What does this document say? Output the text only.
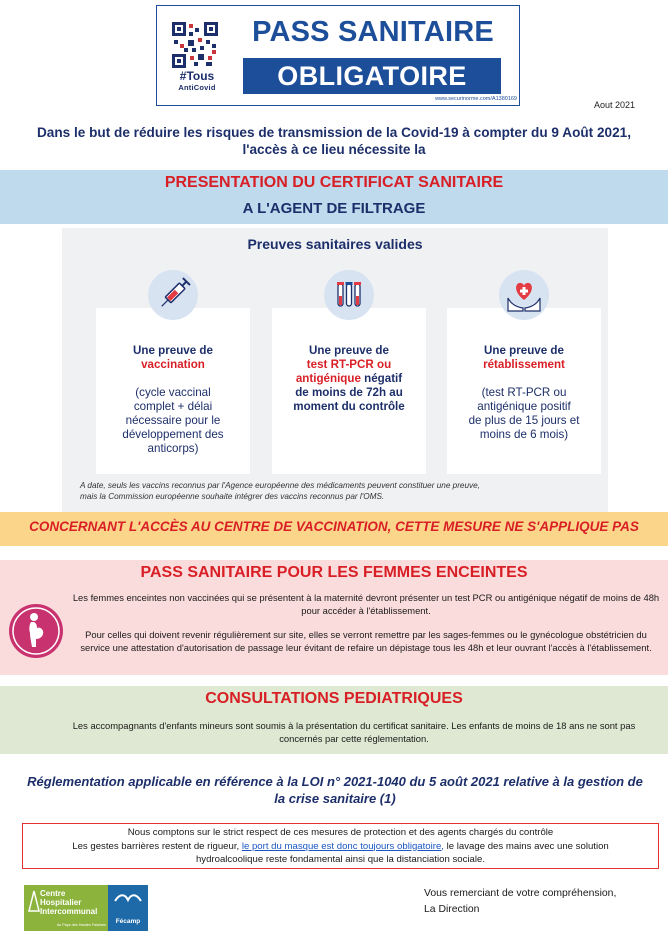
#Tous
AntiCovid
PASS SANITAIRE
OBLIGATOIRE
www.securinorme.com/A1380169
Aout 2021
Dans le but de réduire les risques de transmission de la Covid-19 à compter du 9 Août 2021,
l'accès à ce lieu nécessite la
PRESENTATION DU CERTIFICAT SANITAIRE
A L'AGENT DE FILTRAGE
Preuves sanitaires valides
Une preuve de
vaccination
(cycle vaccinal
complet + délai
nécessaire pour le
développement des
anticorps)
Une preuve de
test RT-PCR ou
antigénique négatif
de moins de 72h au
moment du contrôle
Une preuve de
rétablissement
(test RT-PCR ou
antigénique positif
de plus de 15 jours et
moins de 6 mois)
A date, seuls les vaccins reconnus par l'Agence européenne des médicaments peuvent constituer une preuve,
mais la Commission européenne souhaite intégrer des vaccins reconnus par l'OMS.
CONCERNANT L'ACCÈS AU CENTRE DE VACCINATION, CETTE MESURE NE S'APPLIQUE PAS
PASS SANITAIRE POUR LES FEMMES ENCEINTES
Les femmes enceintes non vaccinées qui se présentent à la maternité devront présenter un test PCR ou antigénique négatif de moins de 48h pour accéder à l'établissement.
Pour celles qui doivent revenir régulièrement sur site, elles se verront remettre par les sages-femmes ou le gynécologue obstétricien du service une attestation d'autorisation de passage leur évitant de refaire un dépistage tous les 48h et leur ouvrant l'accès à l'établissement.
CONSULTATIONS PEDIATRIQUES
Les accompagnants d'enfants mineurs sont soumis à la présentation du certificat sanitaire. Les enfants de moins de 18 ans ne sont pas concernés par cette réglementation.
Réglementation applicable en référence à la LOI n° 2021-1040 du 5 août 2021 relative à la gestion de la crise sanitaire (1)
Nous comptons sur le strict respect de ces mesures de protection et des agents chargés du contrôle
Les gestes barrières restent de rigueur, le port du masque est donc toujours obligatoire, le lavage des mains avec une solution
hydroalcoolique reste fondamental ainsi que la distanciation sociale.
Centre
Hospitalier
Intercommunal
du Pays des Hautes Falaises	Fécamp
Vous remerciant de votre compréhension,
La Direction
